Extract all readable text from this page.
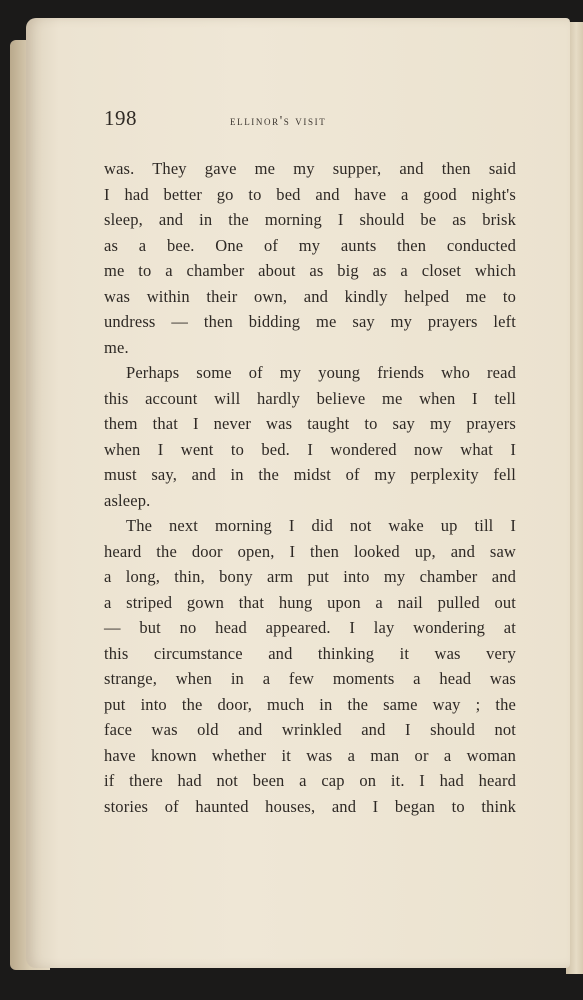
198	ellinor's visit

was. They gave me my supper, and then said
I had better go to bed and have a good night's
sleep, and in the morning I should be as brisk
as a bee. One of my aunts then conducted
me to a chamber about as big as a closet which
was within their own, and kindly helped me to
undress — then bidding me say my prayers left
me.

Perhaps some of my young friends who read
this account will hardly believe me when I tell
them that I never was taught to say my prayers
when I went to bed. I wondered now what I
must say, and in the midst of my perplexity fell
asleep.

The next morning I did not wake up till I
heard the door open, I then looked up, and saw
a long, thin, bony arm put into my chamber and
a striped gown that hung upon a nail pulled out
— but no head appeared. I lay wondering at
this circumstance and thinking it was very
strange, when in a few moments a head was
put into the door, much in the same way ; the
face was old and wrinkled and I should not
have known whether it was a man or a woman
if there had not been a cap on it. I had heard
stories of haunted houses, and I began to think
